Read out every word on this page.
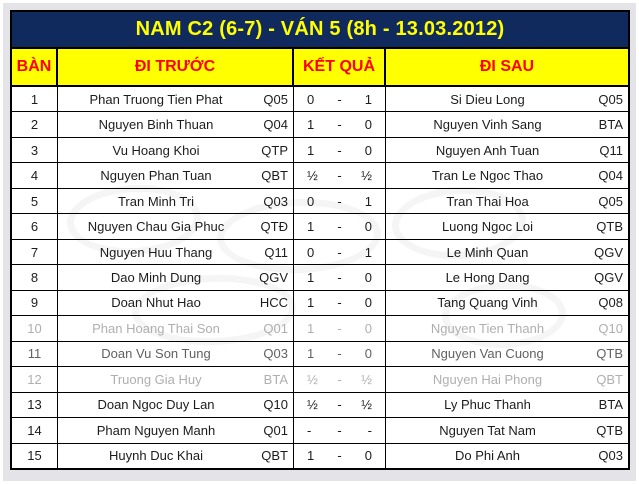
NAM C2 (6-7) - VÁN 5 (8h - 13.03.2012)
BÀN	ĐI TRƯỚC	KẾT QUẢ	ĐI SAU
1	Phan Truong Tien Phat	Q05 0 - 1	Si Dieu Long	Q05
2	Nguyen Binh Thuan	Q04 1 - 0	Nguyen Vinh Sang	BTA
3	Vu Hoang Khoi	QTP 1 - 0	Nguyen Anh Tuan	Q11
4	Nguyen Phan Tuan	QBT ½ - ½	Tran Le Ngoc Thao	Q04
5	Tran Minh Tri	Q03 0 - 1	Tran Thai Hoa	Q05
6	Nguyen Chau Gia Phuc	QTĐ 1 - 0	Luong Ngoc Loi	QTB
7	Nguyen Huu Thang	Q11 0 - 1	Le Minh Quan	QGV
8	Dao Minh Dung	QGV 1 - 0	Le Hong Dang	QGV
9	Doan Nhut Hao	HCC 1 - 0	Tang Quang Vinh	Q08
10	Phan Hoang Thai Son	Q01 1 - 0	Nguyen Tien Thanh	Q10
11	Doan Vu Son Tung	Q03 1 - 0	Nguyen Van Cuong	QTB
12	Truong Gia Huy	BTA ½ - ½	Nguyen Hai Phong	QBT
13	Doan Ngoc Duy Lan	Q10 ½ - ½	Ly Phuc Thanh	BTA
14	Pham Nguyen Manh	Q01 - - -	Nguyen Tat Nam	QTB
15	Huynh Duc Khai	QBT 1 - 0	Do Phi Anh	Q03
